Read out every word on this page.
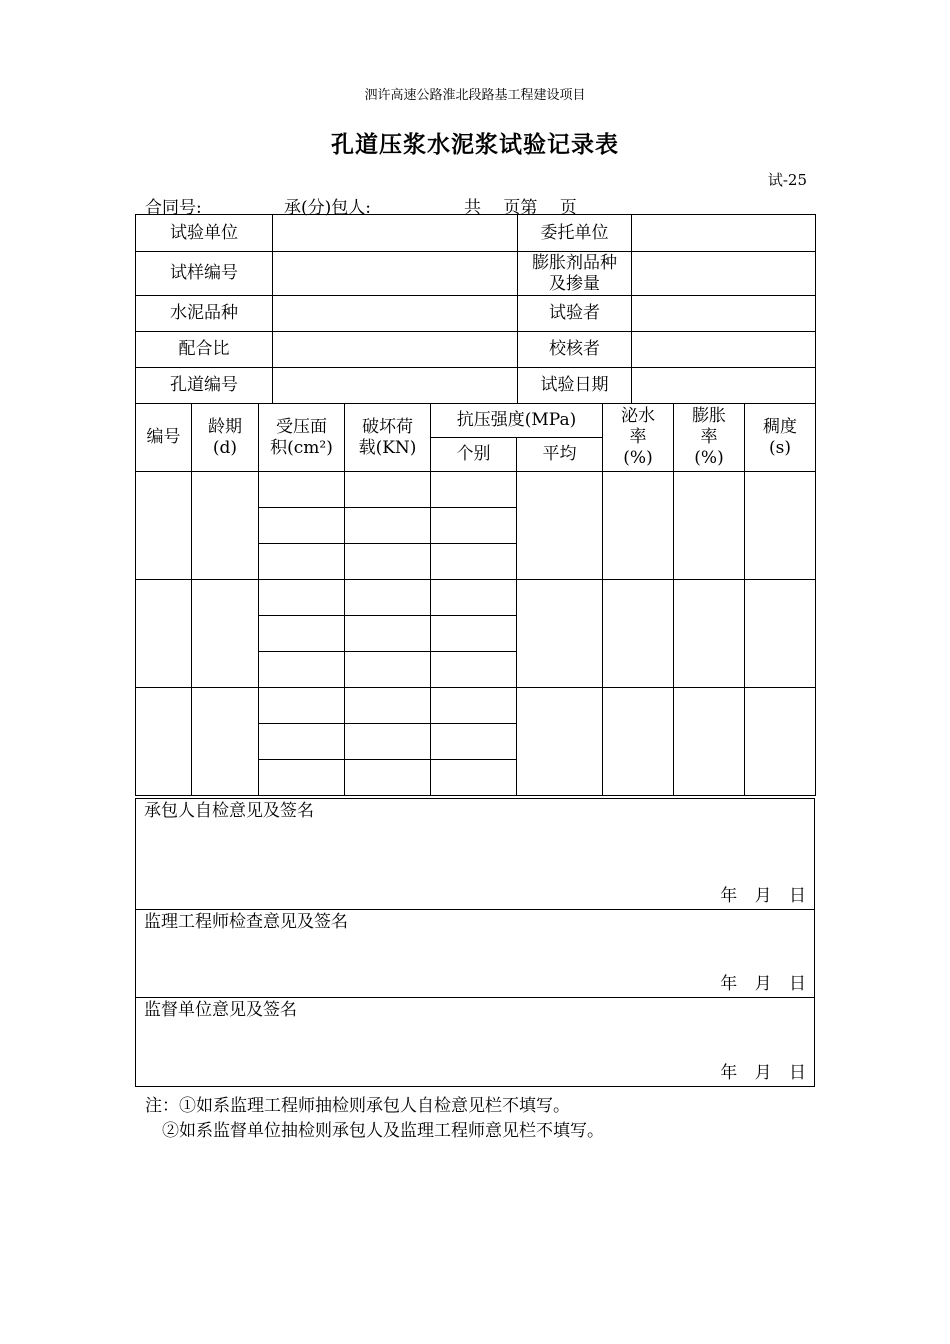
泗许高速公路淮北段路基工程建设项目
孔道压浆水泥浆试验记录表
试-25
合同号:	承(分)包人:	共　 页第　 页
试验单位		委托单位	
试样编号		膨胀剂品种及掺量	
水泥品种		试验者	
配合比		校核者	
孔道编号		试验日期	
编号	龄期(d)	受压面积(cm²)	破坏荷载(KN)	抗压强度(MPa)		泌水率(%)	膨胀率(%)	稠度(s)
				个别	平均			

承包人自检意见及签名
年 月 日

监理工程师检查意见及签名
年 月 日

监督单位意见及签名
年 月 日
注：①如系监理工程师抽检则承包人自检意见栏不填写。
②如系监督单位抽检则承包人及监理工程师意见栏不填写。
